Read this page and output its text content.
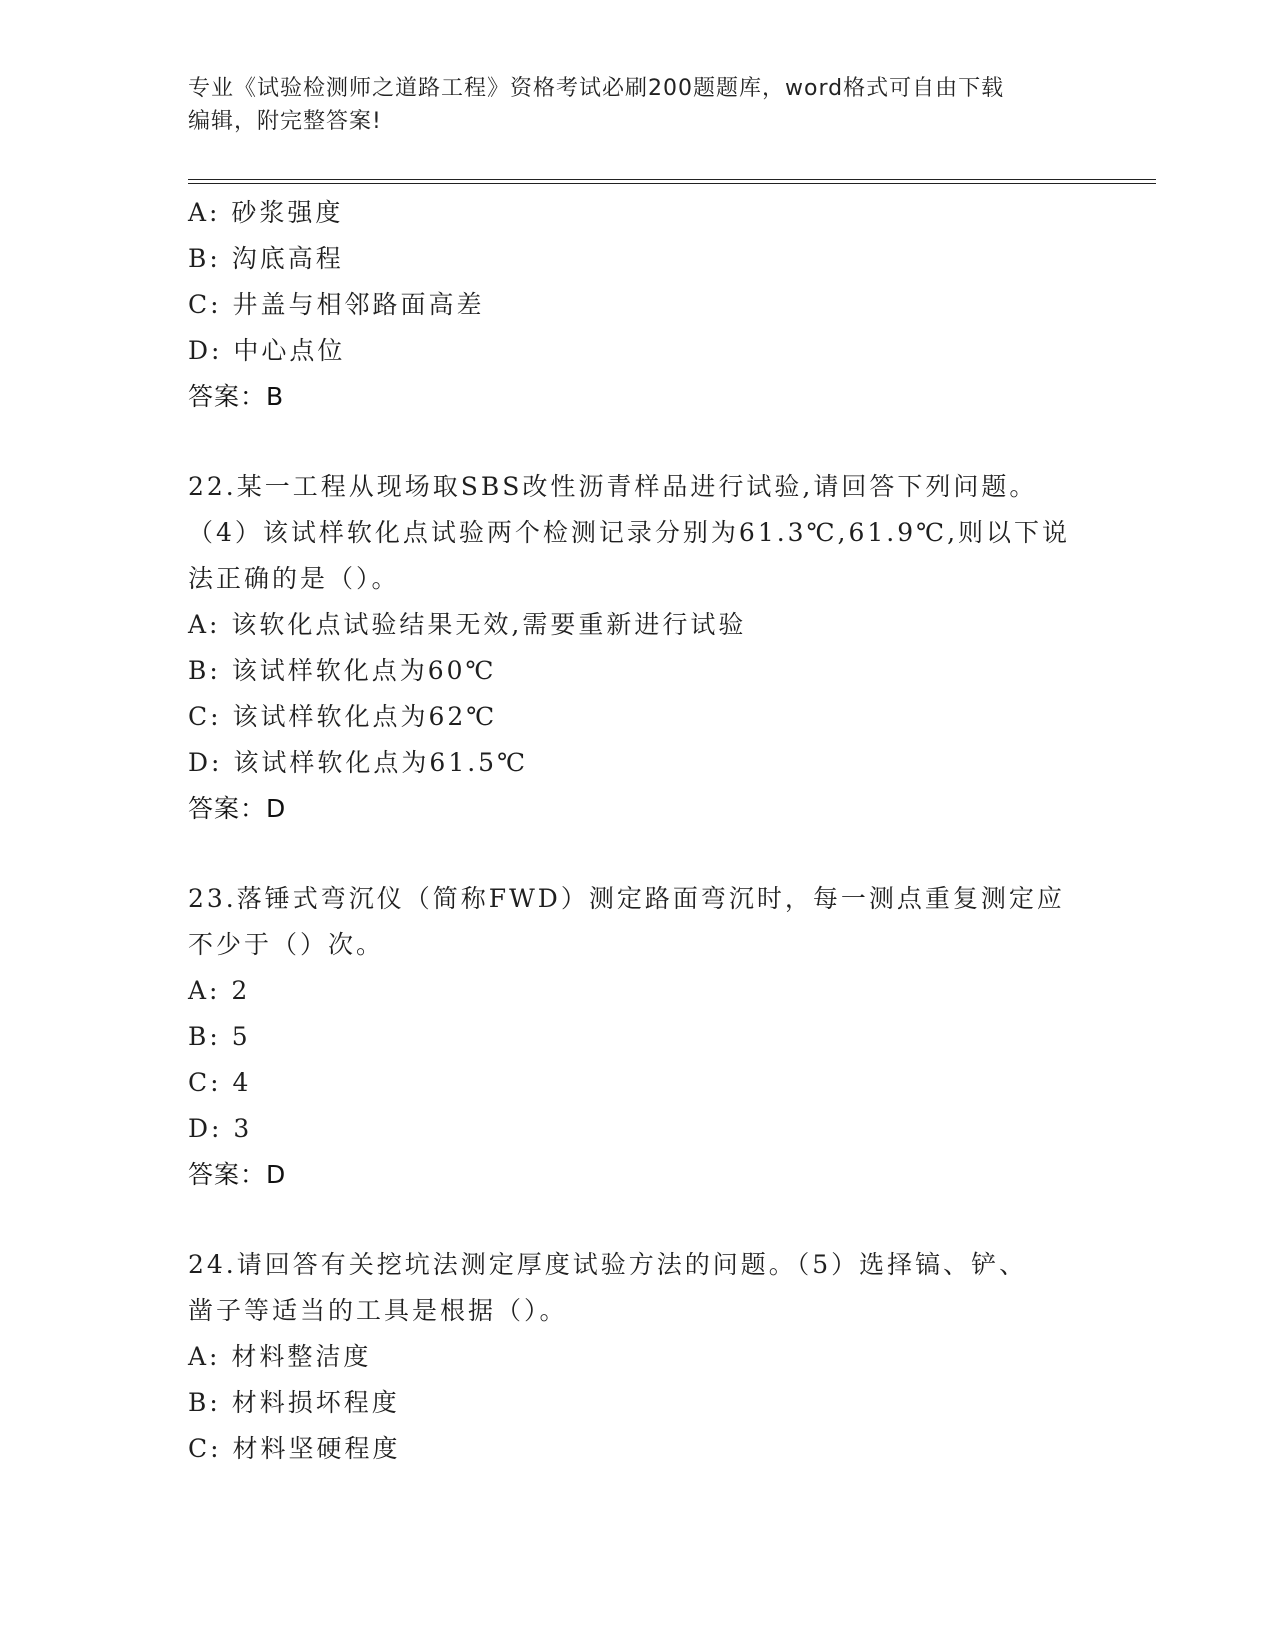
专业《试验检测师之道路工程》资格考试必刷200题题库，word格式可自由下载
编辑，附完整答案!
A: 砂浆强度
B: 沟底高程
C: 井盖与相邻路面高差
D: 中心点位
答案：B
22.某一工程从现场取SBS改性沥青样品进行试验,请回答下列问题。
（4）该试样软化点试验两个检测记录分别为61.3℃,61.9℃,则以下说
法正确的是（）。
A: 该软化点试验结果无效,需要重新进行试验
B: 该试样软化点为60℃
C: 该试样软化点为62℃
D: 该试样软化点为61.5℃
答案：D
23.落锤式弯沉仪（简称FWD）测定路面弯沉时，每一测点重复测定应
不少于（）次。
A: 2
B: 5
C: 4
D: 3
答案：D
24.请回答有关挖坑法测定厚度试验方法的问题。（5）选择镐、铲、
凿子等适当的工具是根据（）。
A: 材料整洁度
B: 材料损坏程度
C: 材料坚硬程度
